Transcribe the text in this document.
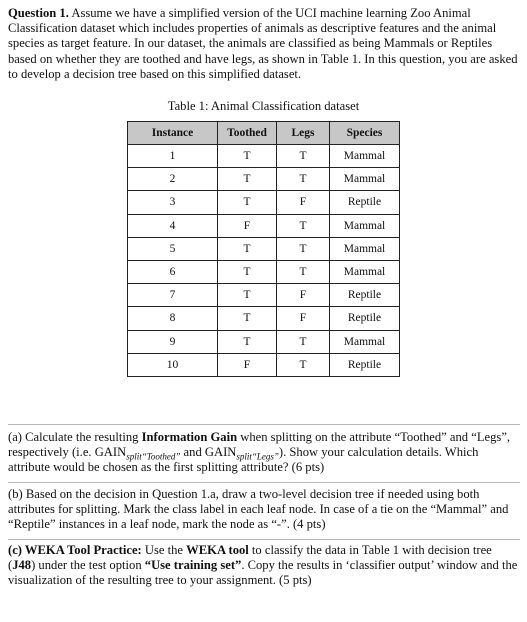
Question 1. Assume we have a simplified version of the UCI machine learning Zoo Animal Classification dataset which includes properties of animals as descriptive features and the animal species as target feature. In our dataset, the animals are classified as being Mammals or Reptiles based on whether they are toothed and have legs, as shown in Table 1. In this question, you are asked to develop a decision tree based on this simplified dataset.

Table 1: Animal Classification dataset

Instance	Toothed	Legs	Species
1	T	T	Mammal
2	T	T	Mammal
3	T	F	Reptile
4	F	T	Mammal
5	T	T	Mammal
6	T	T	Mammal
7	T	F	Reptile
8	T	F	Reptile
9	T	T	Mammal
10	F	T	Reptile

(a) Calculate the resulting Information Gain when splitting on the attribute “Toothed” and “Legs”, respectively (i.e. $GAIN_{split“Toothed”}$ and $GAIN_{split“Legs”}$). Show your calculation details. Which attribute would be chosen as the first splitting attribute? (6 pts)

(b) Based on the decision in Question 1.a, draw a two-level decision tree if needed using both attributes for splitting. Mark the class label in each leaf node. In case of a tie on the “Mammal” and “Reptile” instances in a leaf node, mark the node as “-”. (4 pts)

(c) WEKA Tool Practice: Use the WEKA tool to classify the data in Table 1 with decision tree (J48) under the test option “Use training set”. Copy the results in ‘classifier output’ window and the visualization of the resulting tree to your assignment. (5 pts)
